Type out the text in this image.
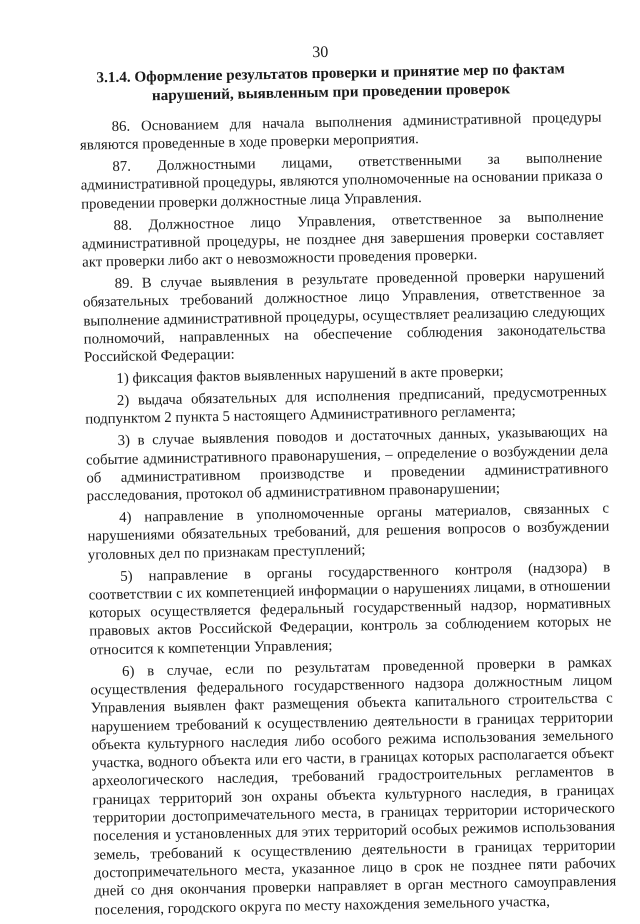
30
3.1.4. Оформление результатов проверки и принятие мер по фактам нарушений, выявленным при проведении проверок

86. Основанием для начала выполнения административной процедуры являются проведенные в ходе проверки мероприятия.

87. Должностными лицами, ответственными за выполнение административной процедуры, являются уполномоченные на основании приказа о проведении проверки должностные лица Управления.

88. Должностное лицо Управления, ответственное за выполнение административной процедуры, не позднее дня завершения проверки составляет акт проверки либо акт о невозможности проведения проверки.

89. В случае выявления в результате проведенной проверки нарушений обязательных требований должностное лицо Управления, ответственное за выполнение административной процедуры, осуществляет реализацию следующих полномочий, направленных на обеспечение соблюдения законодательства Российской Федерации:

1) фиксация фактов выявленных нарушений в акте проверки;

2) выдача обязательных для исполнения предписаний, предусмотренных подпунктом 2 пункта 5 настоящего Административного регламента;

3) в случае выявления поводов и достаточных данных, указывающих на событие административного правонарушения, – определение о возбуждении дела об административном производстве и проведении административного расследования, протокол об административном правонарушении;

4) направление в уполномоченные органы материалов, связанных с нарушениями обязательных требований, для решения вопросов о возбуждении уголовных дел по признакам преступлений;

5) направление в органы государственного контроля (надзора) в соответствии с их компетенцией информации о нарушениях лицами, в отношении которых осуществляется федеральный государственный надзор, нормативных правовых актов Российской Федерации, контроль за соблюдением которых не относится к компетенции Управления;

6) в случае, если по результатам проведенной проверки в рамках осуществления федерального государственного надзора должностным лицом Управления выявлен факт размещения объекта капитального строительства с нарушением требований к осуществлению деятельности в границах территории объекта культурного наследия либо особого режима использования земельного участка, водного объекта или его части, в границах которых располагается объект археологического наследия, требований градостроительных регламентов в границах территорий зон охраны объекта культурного наследия, в границах территории достопримечательного места, в границах территории исторического поселения и установленных для этих территорий особых режимов использования земель, требований к осуществлению деятельности в границах территории достопримечательного места, указанное лицо в срок не позднее пяти рабочих дней со дня окончания проверки направляет в орган местного самоуправления поселения, городского округа по месту нахождения земельного участка,
